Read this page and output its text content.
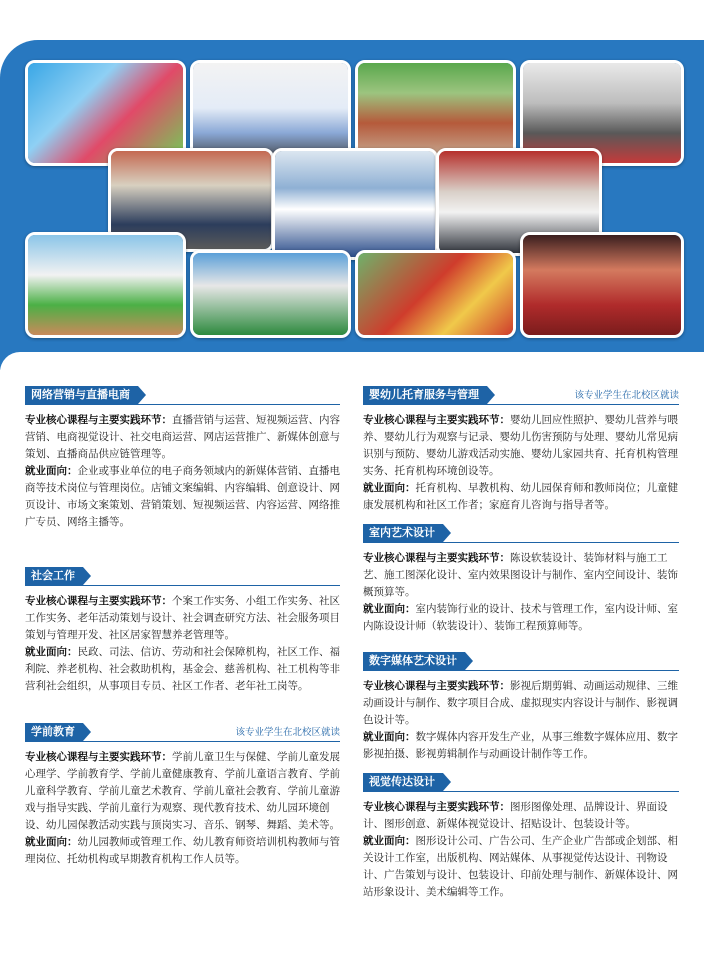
网络营销与直播电商

专业核心课程与主要实践环节：直播营销与运营、短视频运营、内容营销、电商视觉设计、社交电商运营、网店运营推广、新媒体创意与策划、直播商品供应链管理等。

就业面向：企业或事业单位的电子商务领域内的新媒体营销、直播电商等技术岗位与管理岗位。店铺文案编辑、内容编辑、创意设计、网页设计、市场文案策划、营销策划、短视频运营、内容运营、网络推广专员、网络主播等。

社会工作

专业核心课程与主要实践环节：个案工作实务、小组工作实务、社区工作实务、老年活动策划与设计、社会调查研究方法、社会服务项目策划与管理开发、社区居家智慧养老管理等。

就业面向：民政、司法、信访、劳动和社会保障机构，社区工作、福利院、养老机构、社会救助机构，基金会、慈善机构、社工机构等非营利社会组织，从事项目专员、社区工作者、老年社工岗等。

学前教育	该专业学生在北校区就读

专业核心课程与主要实践环节：学前儿童卫生与保健、学前儿童发展心理学、学前教育学、学前儿童健康教育、学前儿童语言教育、学前儿童科学教育、学前儿童艺术教育、学前儿童社会教育、学前儿童游戏与指导实践、学前儿童行为观察、现代教育技术、幼儿园环境创设、幼儿园保教活动实践与顶岗实习、音乐、钢琴、舞蹈、美术等。

就业面向：幼儿园教师或管理工作、幼儿教育师资培训机构教师与管理岗位、托幼机构或早期教育机构工作人员等。

婴幼儿托育服务与管理	该专业学生在北校区就读

专业核心课程与主要实践环节：婴幼儿回应性照护、婴幼儿营养与喂养、婴幼儿行为观察与记录、婴幼儿伤害预防与处理、婴幼儿常见病识别与预防、婴幼儿游戏活动实施、婴幼儿家园共育、托育机构管理实务、托育机构环境创设等。

就业面向：托育机构、早教机构、幼儿园保育师和教师岗位；儿童健康发展机构和社区工作者；家庭育儿咨询与指导者等。

室内艺术设计

专业核心课程与主要实践环节：陈设软装设计、装饰材料与施工工艺、施工图深化设计、室内效果图设计与制作、室内空间设计、装饰概预算等。

就业面向：室内装饰行业的设计、技术与管理工作，室内设计师、室内陈设设计师（软装设计）、装饰工程预算师等。

数字媒体艺术设计

专业核心课程与主要实践环节：影视后期剪辑、动画运动规律、三维动画设计与制作、数字项目合成、虚拟现实内容设计与制作、影视调色设计等。

就业面向：数字媒体内容开发生产业，从事三维数字媒体应用、数字影视拍摄、影视剪辑制作与动画设计制作等工作。

视觉传达设计

专业核心课程与主要实践环节：图形图像处理、品牌设计、界面设计、图形创意、新媒体视觉设计、招贴设计、包装设计等。

就业面向：图形设计公司、广告公司、生产企业广告部或企划部、相关设计工作室，出版机构、网站媒体、从事视觉传达设计、刊物设计、广告策划与设计、包装设计、印前处理与制作、新媒体设计、网站形象设计、美术编辑等工作。
